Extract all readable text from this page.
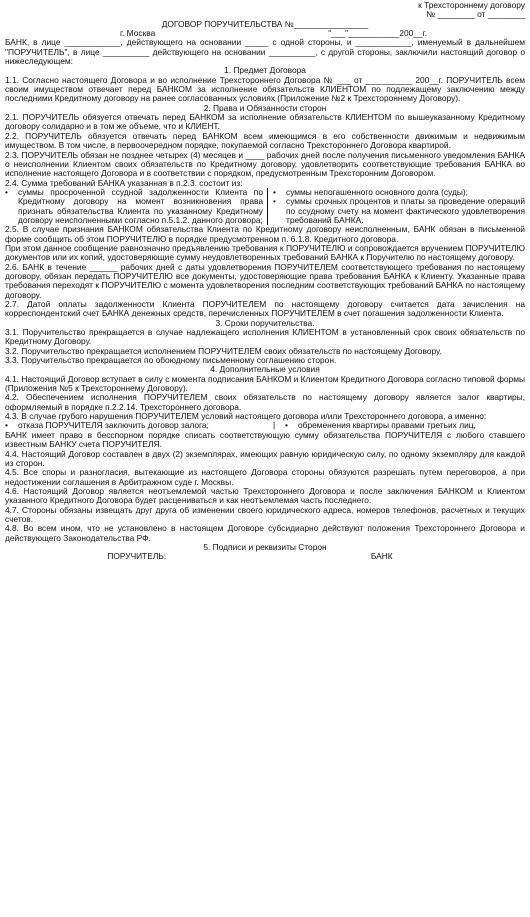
к Трехстороннему договору
№ ________ от ________
ДОГОВОР ПОРУЧИТЕЛЬСТВА №________________
г. Москва	"___"___________200__г.

БАНК, в лице ____________, действующего на основании _____ с одной стороны, и ____________, именуемый в дальнейшем "ПОРУЧИТЕЛЬ", в лице __________ действующего на основании __________, с другой стороны, заключили настоящий договор о нижеследующем:

1. Предмет Договора

1.1. Согласно настоящего Договора и во исполнение Трехстороннего Договора № ___ от __________ 200__г. ПОРУЧИТЕЛЬ всем своим имуществом отвечает перед БАНКОМ за исполнение обязательств КЛИЕНТОМ по подлежащему заключению между последними Кредитному договору на ранее согласованных условиях (Приложение №2 к Трехстороннему Договору).

2. Права и Обязанности сторон

2.1. ПОРУЧИТЕЛЬ обязуется отвечать перед БАНКОМ за исполнение обязательств КЛИЕНТОМ по вышеуказанному Кредитному договору солидарно и в том же объеме, что и КЛИЕНТ.

2.2. ПОРУЧИТЕЛЬ обязуется отвечать перед БАНКОМ всем имеющимся в его собственности движимым и недвижимым имуществом. В том числе, в первоочередном порядке, покупаемой согласно Трехстороннего Договора квартирой.

2.3. ПОРУЧИТЕЛЬ обязан не позднее четырех (4) месяцев и ____ рабочих дней после получения письменного уведомления БАНКА о неисполнении Клиентом своих обязательств по Кредитному договору, удовлетворить соответствующие требования БАНКА во исполнение настоящего Договора и в соответствии с порядком, предусмотренным Трехсторонним Договором.

2.4. Сумма требований БАНКА указанная в п.2.3. состоит из:

•	суммы просроченной ссудной задолженности Клиента по Кредитному договору на момент возникновения права признать обязательства Клиента по указанному Кредитному договору неисполненными согласно п.5.1.2. данного договора;
•	суммы непогашенного основного долга (суды);
•	суммы срочных процентов и платы за проведение операций по ссудному счету на момент фактического удовлетворения требований БАНКА.

2.5. В случае признания БАНКОМ обязательства Клиента по Кредитному договору неисполненным, БАНК обязан в письменной форме сообщить об этом ПОРУЧИТЕЛЮ в порядке предусмотренном п. 6.1.8. Кредитного договора.

При этом данное сообщение равнозначно предъявлению требования к ПОРУЧИТЕЛЮ и сопровождается вручением ПОРУЧИТЕЛЮ документов или их копий, удостоверяющие сумму неудовлетворенных требований БАНКА к Поручителю по настоящему договору.

2.6. БАНК в течение ______ рабочих дней с даты удовлетворения ПОРУЧИТЕЛЕМ соответствующего требования по настоящему договору, обязан передать ПОРУЧИТЕЛЮ все документы, удостоверяющие права требования БАНКА к Клиенту. Указанные права требования переходят к ПОРУЧИТЕЛЮ с момента удовлетворения последним соответствующих требований БАНКА по настоящему договору.

2.7. Датой оплаты задолженности Клиента ПОРУЧИТЕЛЕМ по настоящему договору считается дата зачисления на корреспондентский счет БАНКА денежных средств, перечисленных ПОРУЧИТЕЛЕМ в счет погашения задолженности Клиента.

3. Сроки поручительства.

3.1. Поручительство прекращается в случае надлежащего исполнения КЛИЕНТОМ в установленный срок своих обязательств по Кредитному Договору.

3.2. Поручительство прекращается исполнением ПОРУЧИТЕЛЕМ своих обязательств по настоящему Договору.

3.3. Поручительство прекращается по обоюдному письменному соглашению сторон.

4. Дополнительные условия

4.1. Настоящий Договор вступает в силу с момента подписания БАНКОМ и Клиентом Кредитного Договора согласно типовой формы (Приложения №5 к Трехстороннему Договору).

4.2. Обеспечением исполнения ПОРУЧИТЕЛЕМ своих обязательств по настоящему договору является залог квартиры, оформляемый в порядке п.2.2.14. Трехстороннего договора.

4.3. В случае грубого нарушения ПОРУЧИТЕЛЕМ условий настоящего договора и/или Трехстороннего договора, а именно:

•	отказа ПОРУЧИТЕЛЯ заключить договор залога;	|	•	обременения квартиры правами третьих лиц,

БАНК имеет право в бесспорном порядке списать соответствующую сумму обязательства ПОРУЧИТЕЛЯ с любого ставшего известным БАНКУ счета ПОРУЧИТЕЛЯ.

4.4. Настоящий Договор составлен в двух (2) экземплярах, имеющих равную юридическую силу, по одному экземпляру для каждой из сторон.

4.5. Все споры и разногласия, вытекающие из настоящего Договора стороны обязуются разрешать путем переговоров, а при недостижении соглашения в Арбитражном суде г. Москвы.

4.6. Настоящий Договор является неотъемлемой частью Трехстороннего Договора и после заключения БАНКОМ и Клиентом указанного Кредитного Договора будет расцениваться и как неотъемлемая часть последнего.

4.7. Стороны обязаны извещать друг друга об изменении своего юридического адреса, номеров телефонов, расчетных и текущих счетов.

4.8. Во всем ином, что не установлено в настоящем Договоре субсидиарно действуют положения Трехстороннего Договора и действующего Законодательства РФ.

5. Подписи и реквизиты Сторон
ПОРУЧИТЕЛЬ:	БАНК
